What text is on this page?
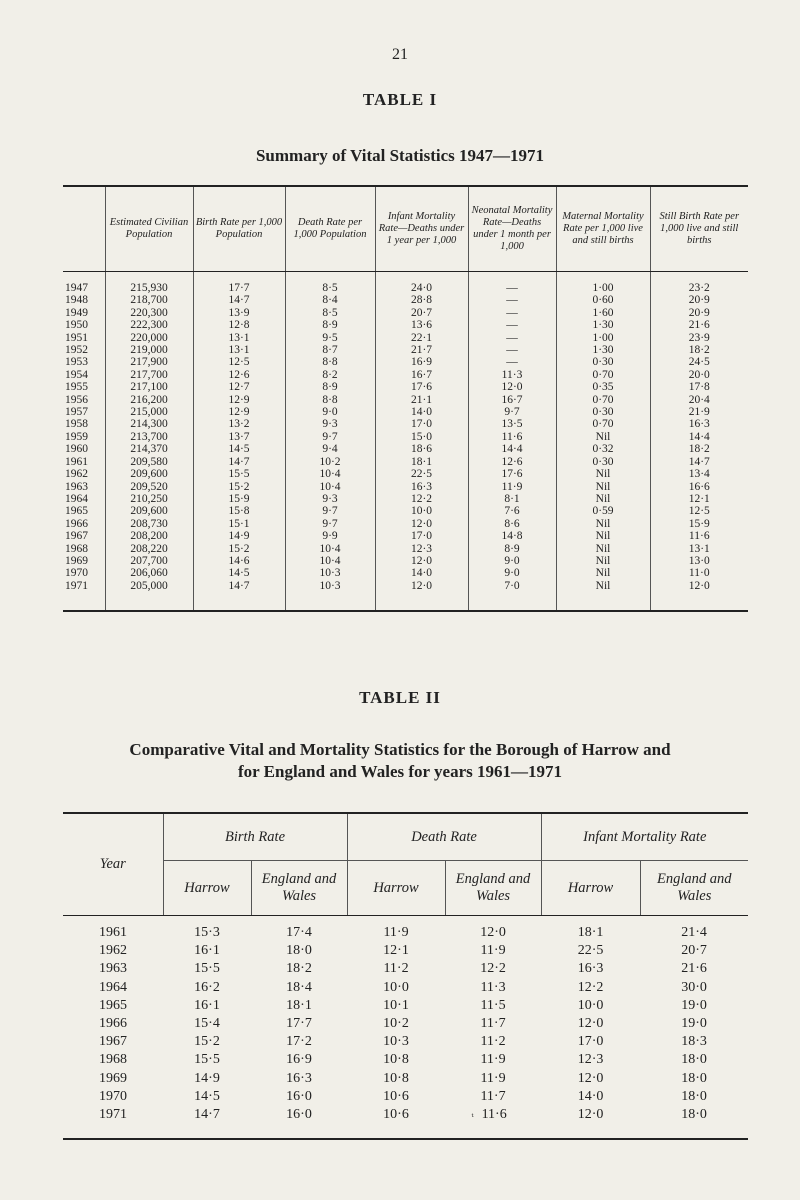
21
TABLE I
Summary of Vital Statistics 1947—1971
	Estimated Civilian Population	Birth Rate per 1,000 Population	Death Rate per 1,000 Population	Infant Mortality Rate—Deaths under 1 year per 1,000	Neonatal Mortality Rate—Deaths under 1 month per 1,000	Maternal Mortality Rate per 1,000 live and still births	Still Birth Rate per 1,000 live and still births
1947	215,930	17·7	8·5	24·0	—	1·00	23·2
1948	218,700	14·7	8·4	28·8	—	0·60	20·9
1949	220,300	13·9	8·5	20·7	—	1·60	20·9
1950	222,300	12·8	8·9	13·6	—	1·30	21·6
1951	220,000	13·1	9·5	22·1	—	1·00	23·9
1952	219,000	13·1	8·7	21·7	—	1·30	18·2
1953	217,900	12·5	8·8	16·9	—	0·30	24·5
1954	217,700	12·6	8·2	16·7	11·3	0·70	20·0
1955	217,100	12·7	8·9	17·6	12·0	0·35	17·8
1956	216,200	12·9	8·8	21·1	16·7	0·70	20·4
1957	215,000	12·9	9·0	14·0	9·7	0·30	21·9
1958	214,300	13·2	9·3	17·0	13·5	0·70	16·3
1959	213,700	13·7	9·7	15·0	11·6	Nil	14·4
1960	214,370	14·5	9·4	18·6	14·4	0·32	18·2
1961	209,580	14·7	10·2	18·1	12·6	0·30	14·7
1962	209,600	15·5	10·4	22·5	17·6	Nil	13·4
1963	209,520	15·2	10·4	16·3	11·9	Nil	16·6
1964	210,250	15·9	9·3	12·2	8·1	Nil	12·1
1965	209,600	15·8	9·7	10·0	7·6	0·59	12·5
1966	208,730	15·1	9·7	12·0	8·6	Nil	15·9
1967	208,200	14·9	9·9	17·0	14·8	Nil	11·6
1968	208,220	15·2	10·4	12·3	8·9	Nil	13·1
1969	207,700	14·6	10·4	12·0	9·0	Nil	13·0
1970	206,060	14·5	10·3	14·0	9·0	Nil	11·0
1971	205,000	14·7	10·3	12·0	7·0	Nil	12·0
TABLE II
Comparative Vital and Mortality Statistics for the Borough of Harrow and
for England and Wales for years 1961—1971
Year	Birth Rate		Death Rate		Infant Mortality Rate	
	Harrow	England and Wales	Harrow	England and Wales	Harrow	England and Wales
1961	15·3	17·4	11·9	12·0	18·1	21·4
1962	16·1	18·0	12·1	11·9	22·5	20·7
1963	15·5	18·2	11·2	12·2	16·3	21·6
1964	16·2	18·4	10·0	11·3	12·2	30·0
1965	16·1	18·1	10·1	11·5	10·0	19·0
1966	15·4	17·7	10·2	11·7	12·0	19·0
1967	15·2	17·2	10·3	11·2	17·0	18·3
1968	15·5	16·9	10·8	11·9	12·3	18·0
1969	14·9	16·3	10·8	11·9	12·0	18·0
1970	14·5	16·0	10·6	11·7	14·0	18·0
1971	14·7	16·0	10·6	ₜ 11·6	12·0	18·0
